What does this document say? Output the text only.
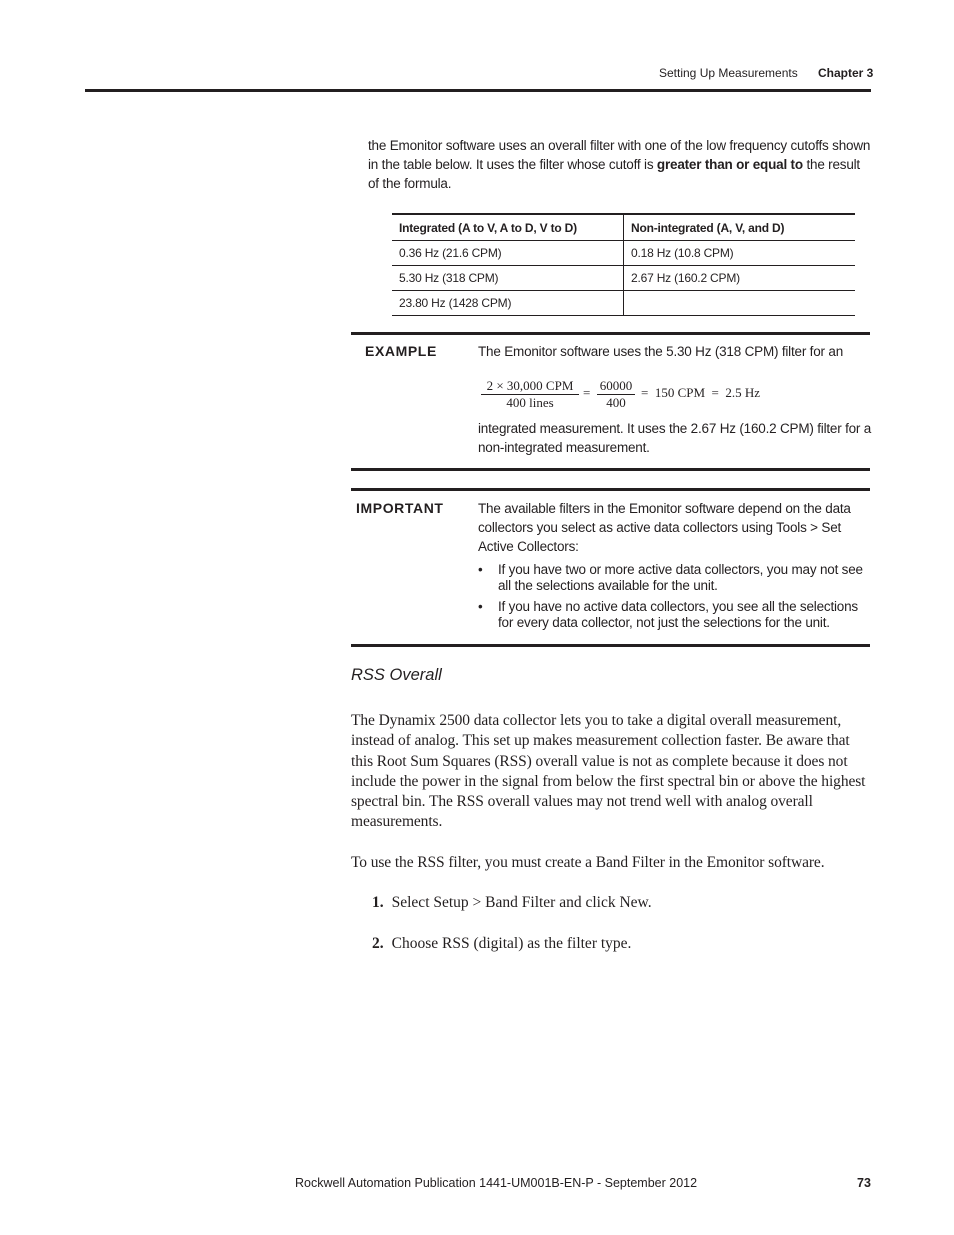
Setting Up Measurements Chapter 3
the Emonitor software uses an overall filter with one of the low frequency cutoffs shown in the table below. It uses the filter whose cutoff is greater than or equal to the result of the formula.
Integrated (A to V, A to D, V to D)	Non-integrated (A, V, and D)
0.36 Hz (21.6 CPM)	0.18 Hz (10.8 CPM)
5.30 Hz (318 CPM)	2.67 Hz (160.2 CPM)
23.80 Hz (1428 CPM)	
EXAMPLE	The Emonitor software uses the 5.30 Hz (318 CPM) filter for an
2 × 30,000 CPM
400 lines
= $\frac{60000}{400} = 150$ CPM  =  2.5 Hz
integrated measurement. It uses the 2.67 Hz (160.2 CPM) filter for a non-integrated measurement.
IMPORTANT	The available filters in the Emonitor software depend on the data collectors you select as active data collectors using Tools > Set Active Collectors:
• If you have two or more active data collectors, you may not see all the selections available for the unit.
• If you have no active data collectors, you see all the selections for every data collector, not just the selections for the unit.
RSS Overall
The Dynamix 2500 data collector lets you to take a digital overall measurement, instead of analog. This set up makes measurement collection faster. Be aware that this Root Sum Squares (RSS) overall value is not as complete because it does not include the power in the signal from below the first spectral bin or above the highest spectral bin. The RSS overall values may not trend well with analog overall measurements.
To use the RSS filter, you must create a Band Filter in the Emonitor software.
1. Select Setup > Band Filter and click New.
2. Choose RSS (digital) as the filter type.
Rockwell Automation Publication 1441-UM001B-EN-P - September 2012	73
